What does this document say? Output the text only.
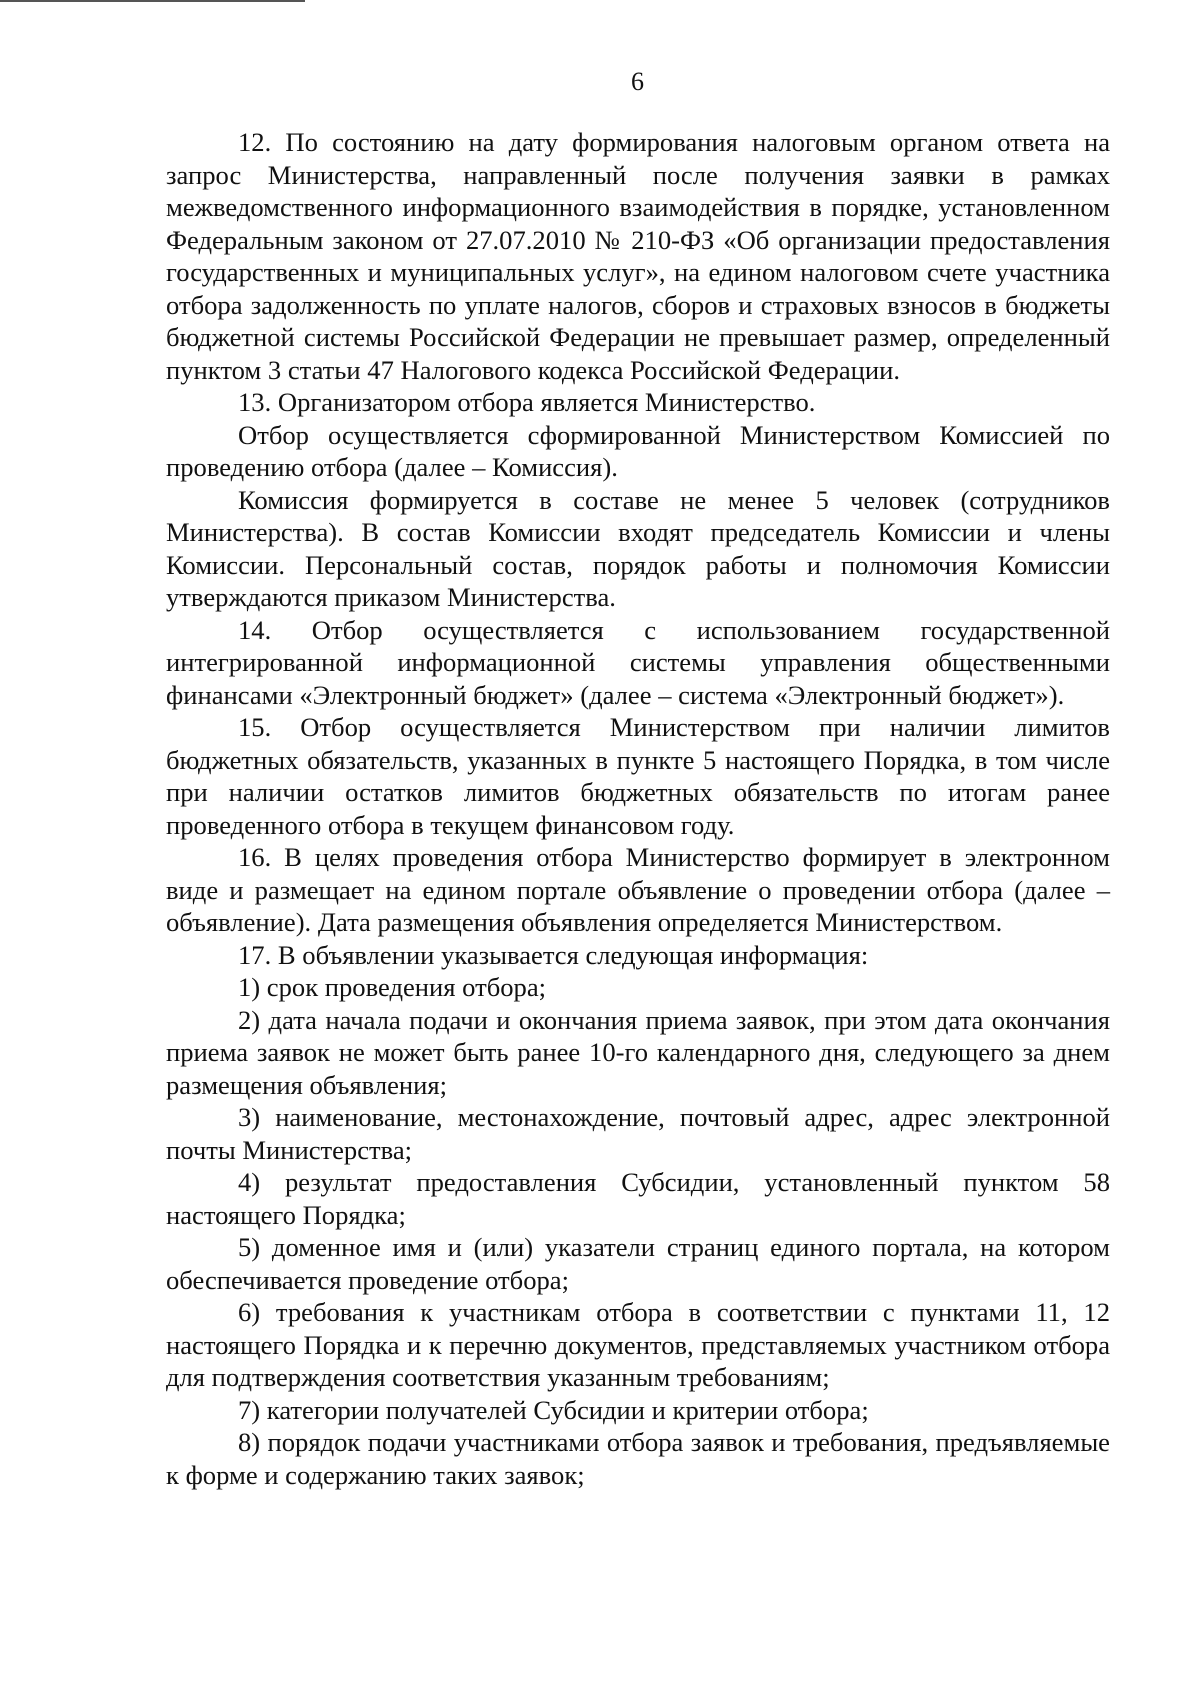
6

12. По состоянию на дату формирования налоговым органом ответа на запрос Министерства, направленный после получения заявки в рамках межведомственного информационного взаимодействия в порядке, установленном Федеральным законом от 27.07.2010 № 210-ФЗ «Об организации предоставления государственных и муниципальных услуг», на едином налоговом счете участника отбора задолженность по уплате налогов, сборов и страховых взносов в бюджеты бюджетной системы Российской Федерации не превышает размер, определенный пунктом 3 статьи 47 Налогового кодекса Российской Федерации.

13. Организатором отбора является Министерство.

Отбор осуществляется сформированной Министерством Комиссией по проведению отбора (далее – Комиссия).

Комиссия формируется в составе не менее 5 человек (сотрудников Министерства). В состав Комиссии входят председатель Комиссии и члены Комиссии. Персональный состав, порядок работы и полномочия Комиссии утверждаются приказом Министерства.

14. Отбор осуществляется с использованием государственной интегрированной информационной системы управления общественными финансами «Электронный бюджет» (далее – система «Электронный бюджет»).

15. Отбор осуществляется Министерством при наличии лимитов бюджетных обязательств, указанных в пункте 5 настоящего Порядка, в том числе при наличии остатков лимитов бюджетных обязательств по итогам ранее проведенного отбора в текущем финансовом году.

16. В целях проведения отбора Министерство формирует в электронном виде и размещает на едином портале объявление о проведении отбора (далее – объявление). Дата размещения объявления определяется Министерством.

17. В объявлении указывается следующая информация:

1) срок проведения отбора;

2) дата начала подачи и окончания приема заявок, при этом дата окончания приема заявок не может быть ранее 10-го календарного дня, следующего за днем размещения объявления;

3) наименование, местонахождение, почтовый адрес, адрес электронной почты Министерства;

4) результат предоставления Субсидии, установленный пунктом 58 настоящего Порядка;

5) доменное имя и (или) указатели страниц единого портала, на котором обеспечивается проведение отбора;

6) требования к участникам отбора в соответствии с пунктами 11, 12 настоящего Порядка и к перечню документов, представляемых участником отбора для подтверждения соответствия указанным требованиям;

7) категории получателей Субсидии и критерии отбора;

8) порядок подачи участниками отбора заявок и требования, предъявляемые к форме и содержанию таких заявок;
